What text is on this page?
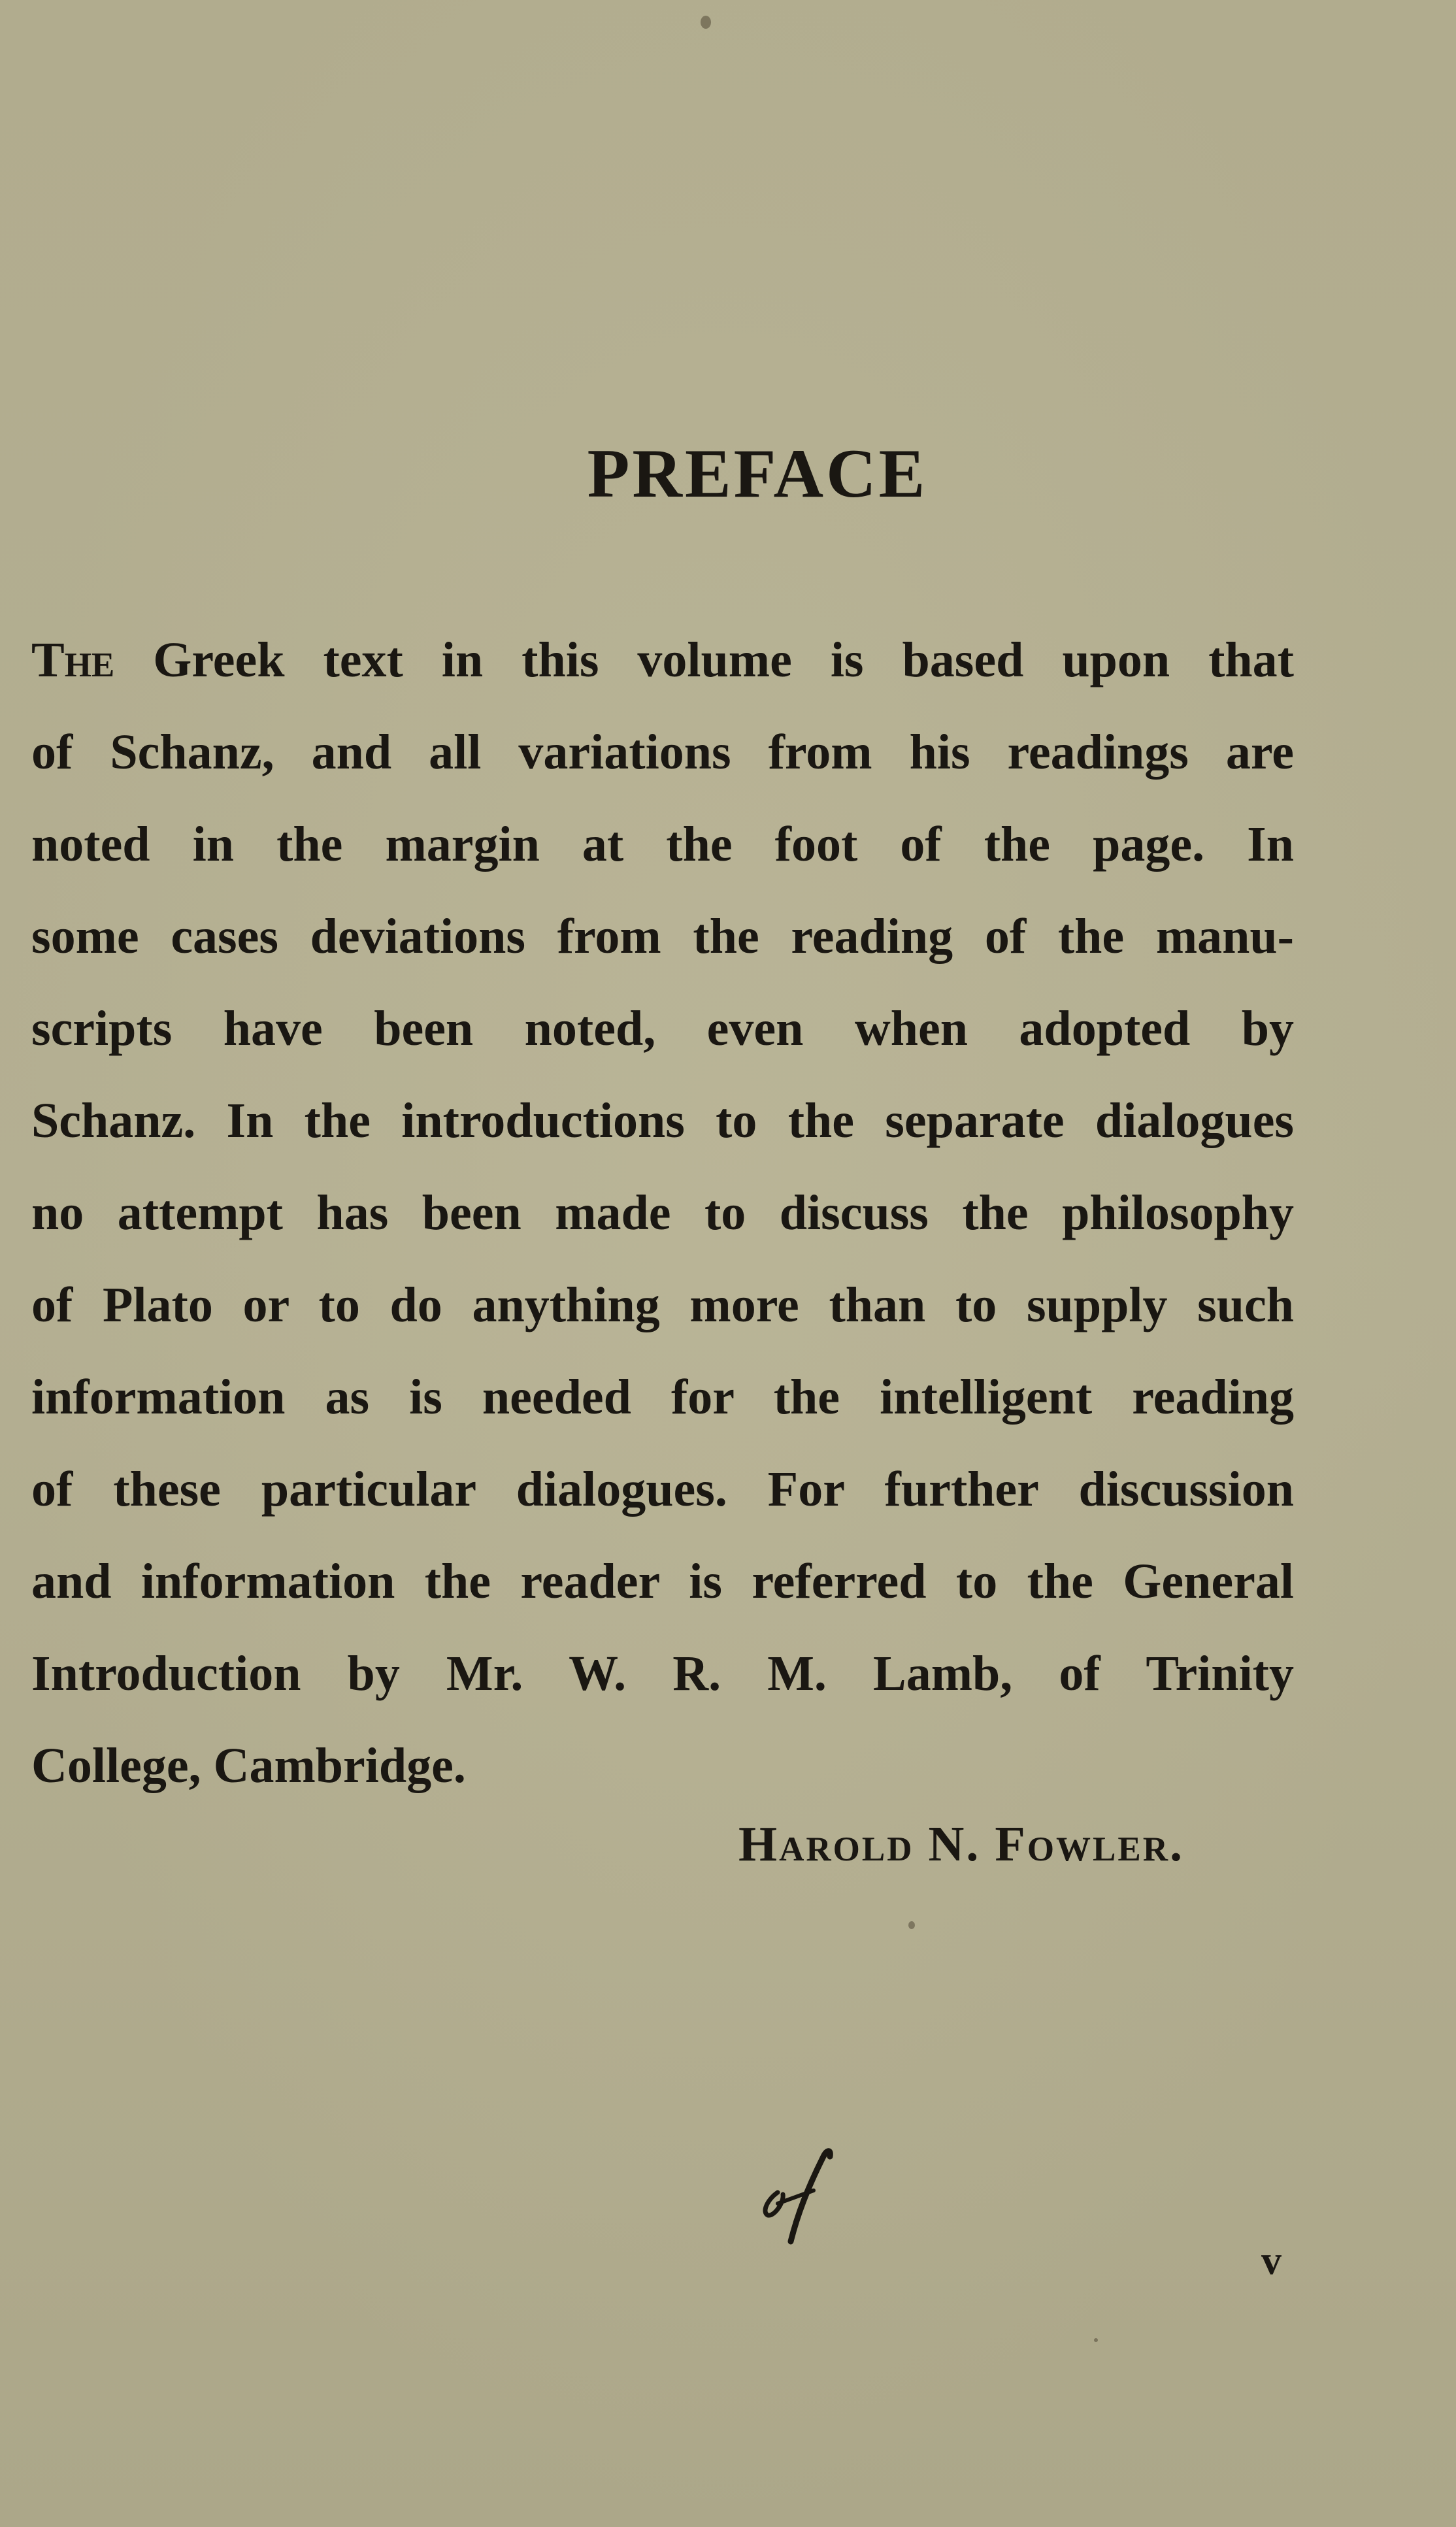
PREFACE
The Greek text in this volume is based upon that
of Schanz, and all variations from his readings are
noted in the margin at the foot of the page. In
some cases deviations from the reading of the manu-
scripts have been noted, even when adopted by
Schanz. In the introductions to the separate dialogues
no attempt has been made to discuss the philosophy
of Plato or to do anything more than to supply such
information as is needed for the intelligent reading
of these particular dialogues. For further discussion
and information the reader is referred to the General
Introduction by Mr. W. R. M. Lamb, of Trinity
College, Cambridge.
Harold N. Fowler.
v
